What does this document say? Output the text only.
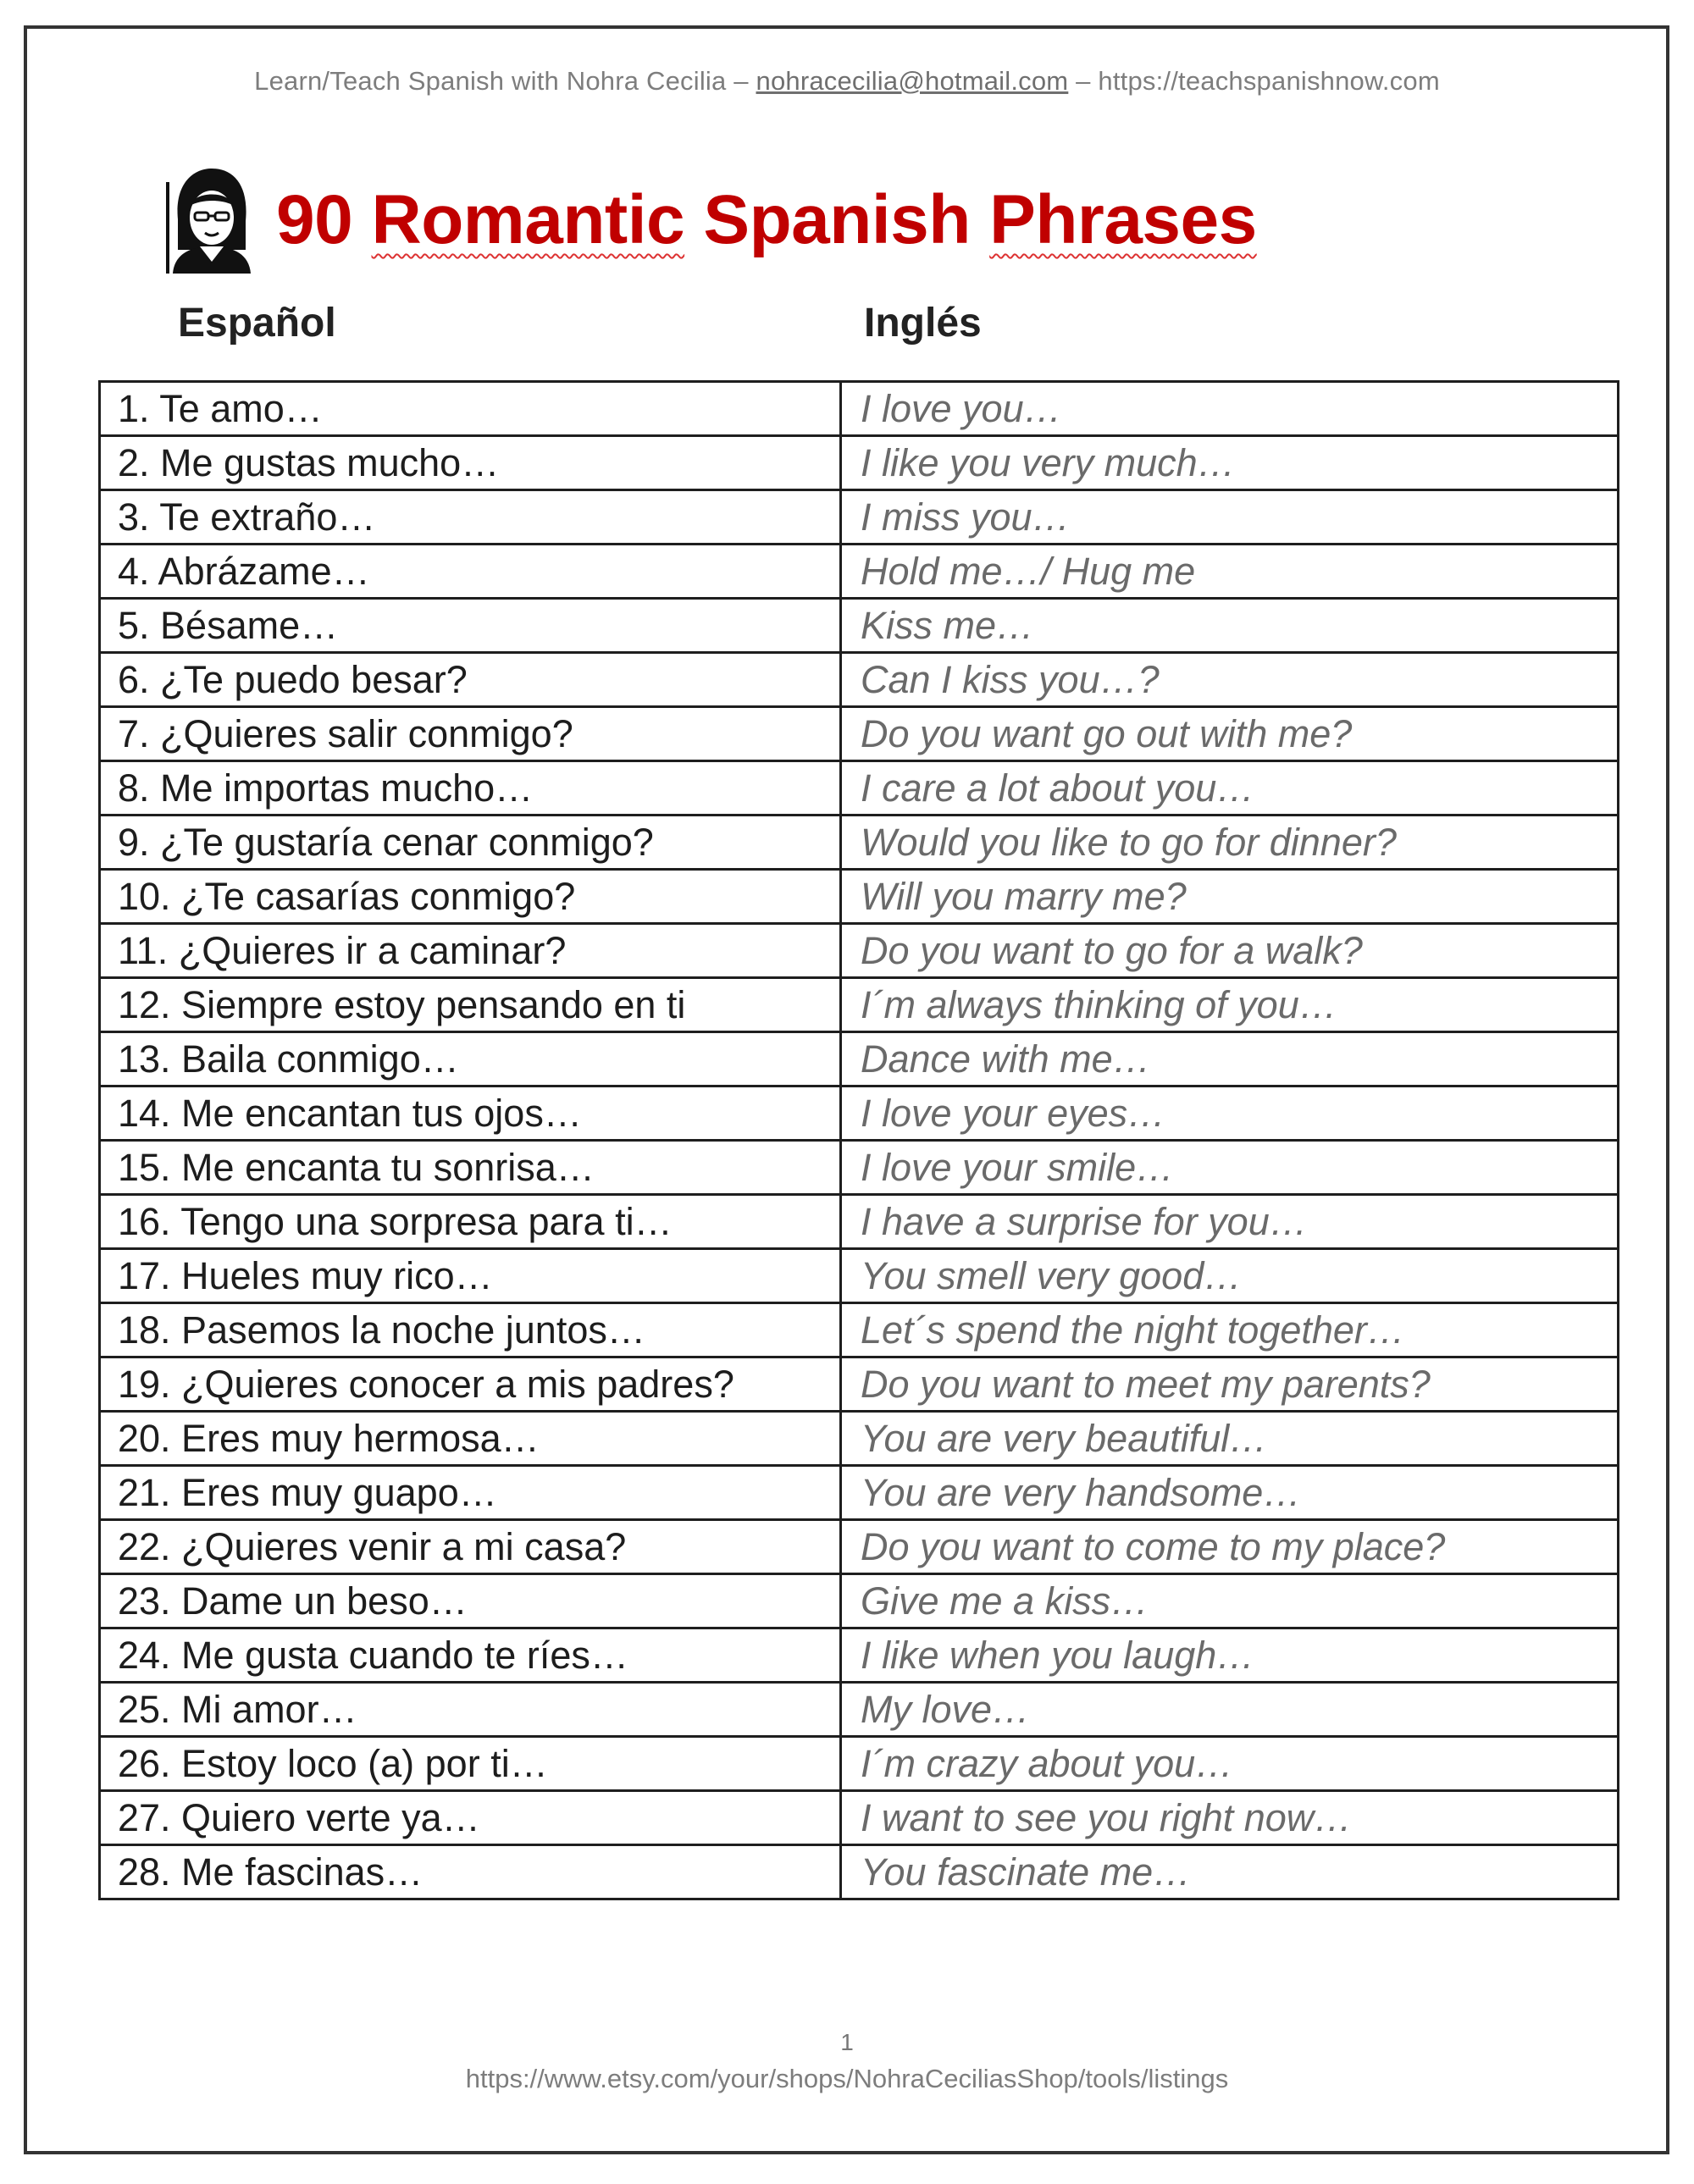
Learn/Teach Spanish with Nohra Cecilia – nohracecilia@hotmail.com – https://teachspanishnow.com
90 Romantic Spanish Phrases
Español	Inglés
1. Te amo…	I love you…
2. Me gustas mucho…	I like you very much…
3. Te extraño…	I miss you…
4. Abrázame…	Hold me…/ Hug me
5. Bésame…	Kiss me…
6. ¿Te puedo besar?	Can I kiss you…?
7. ¿Quieres salir conmigo?	Do you want go out with me?
8. Me importas mucho…	I care a lot about you…
9. ¿Te gustaría cenar conmigo?	Would you like to go for dinner?
10. ¿Te casarías conmigo?	Will you marry me?
11. ¿Quieres ir a caminar?	Do you want to go for a walk?
12. Siempre estoy pensando en ti	I´m always thinking of you…
13. Baila conmigo…	Dance with me…
14. Me encantan tus ojos…	I love your eyes…
15. Me encanta tu sonrisa…	I love your smile…
16. Tengo una sorpresa para ti…	I have a surprise for you…
17. Hueles muy rico…	You smell very good…
18. Pasemos la noche juntos…	Let´s spend the night together…
19. ¿Quieres conocer a mis padres?	Do you want to meet my parents?
20. Eres muy hermosa…	You are very beautiful…
21. Eres muy guapo…	You are very handsome…
22. ¿Quieres venir a mi casa?	Do you want to come to my place?
23. Dame un beso…	Give me a kiss…
24. Me gusta cuando te ríes…	I like when you laugh…
25. Mi amor…	My love…
26. Estoy loco (a) por ti…	I´m crazy about you…
27. Quiero verte ya…	I want to see you right now…
28. Me fascinas…	You fascinate me…
1
https://www.etsy.com/your/shops/NohraCeciliasShop/tools/listings
